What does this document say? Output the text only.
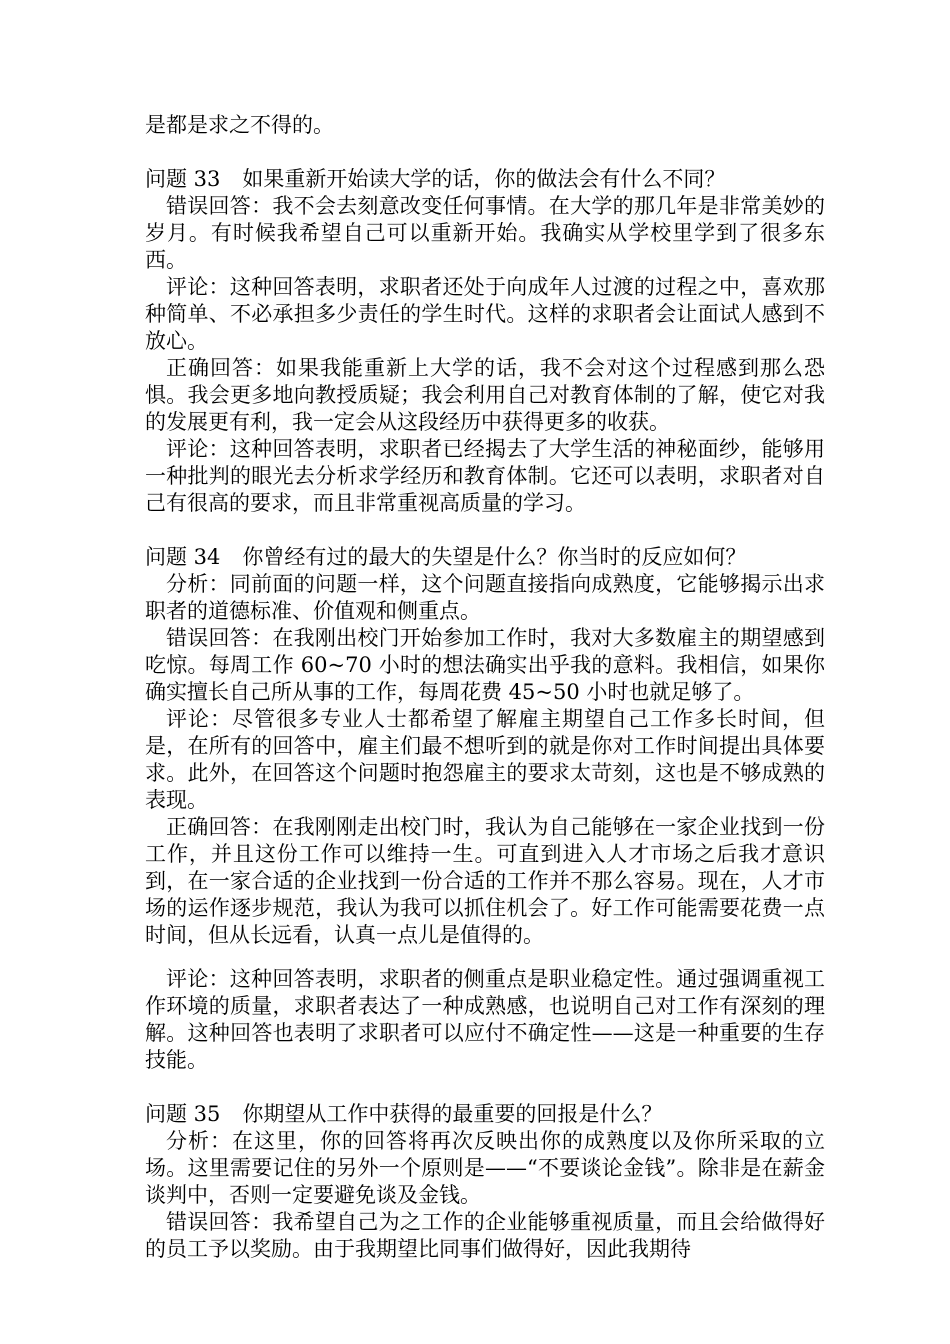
是都是求之不得的。

问题 33 如果重新开始读大学的话，你的做法会有什么不同？

错误回答：我不会去刻意改变任何事情。在大学的那几年是非常美妙的岁月。有时候我希望自己可以重新开始。我确实从学校里学到了很多东西。

评论：这种回答表明，求职者还处于向成年人过渡的过程之中，喜欢那种简单、不必承担多少责任的学生时代。这样的求职者会让面试人感到不放心。

正确回答：如果我能重新上大学的话，我不会对这个过程感到那么恐惧。我会更多地向教授质疑；我会利用自己对教育体制的了解，使它对我的发展更有利，我一定会从这段经历中获得更多的收获。

评论：这种回答表明，求职者已经揭去了大学生活的神秘面纱，能够用一种批判的眼光去分析求学经历和教育体制。它还可以表明，求职者对自己有很高的要求，而且非常重视高质量的学习。

问题 34 你曾经有过的最大的失望是什么？你当时的反应如何？

分析：同前面的问题一样，这个问题直接指向成熟度，它能够揭示出求职者的道德标准、价值观和侧重点。

错误回答：在我刚出校门开始参加工作时，我对大多数雇主的期望感到吃惊。每周工作 60~70 小时的想法确实出乎我的意料。我相信，如果你确实擅长自己所从事的工作，每周花费 45~50 小时也就足够了。

评论：尽管很多专业人士都希望了解雇主期望自己工作多长时间，但是，在所有的回答中，雇主们最不想听到的就是你对工作时间提出具体要求。此外，在回答这个问题时抱怨雇主的要求太苛刻，这也是不够成熟的表现。

正确回答：在我刚刚走出校门时，我认为自己能够在一家企业找到一份工作，并且这份工作可以维持一生。可直到进入人才市场之后我才意识到，在一家合适的企业找到一份合适的工作并不那么容易。现在，人才市场的运作逐步规范，我认为我可以抓住机会了。好工作可能需要花费一点时间，但从长远看，认真一点儿是值得的。

评论：这种回答表明，求职者的侧重点是职业稳定性。通过强调重视工作环境的质量，求职者表达了一种成熟感，也说明自己对工作有深刻的理解。这种回答也表明了求职者可以应付不确定性——这是一种重要的生存技能。

问题 35 你期望从工作中获得的最重要的回报是什么？

分析：在这里，你的回答将再次反映出你的成熟度以及你所采取的立场。这里需要记住的另外一个原则是——“不要谈论金钱”。除非是在薪金谈判中，否则一定要避免谈及金钱。

错误回答：我希望自己为之工作的企业能够重视质量，而且会给做得好的员工予以奖励。由于我期望比同事们做得好，因此我期待
